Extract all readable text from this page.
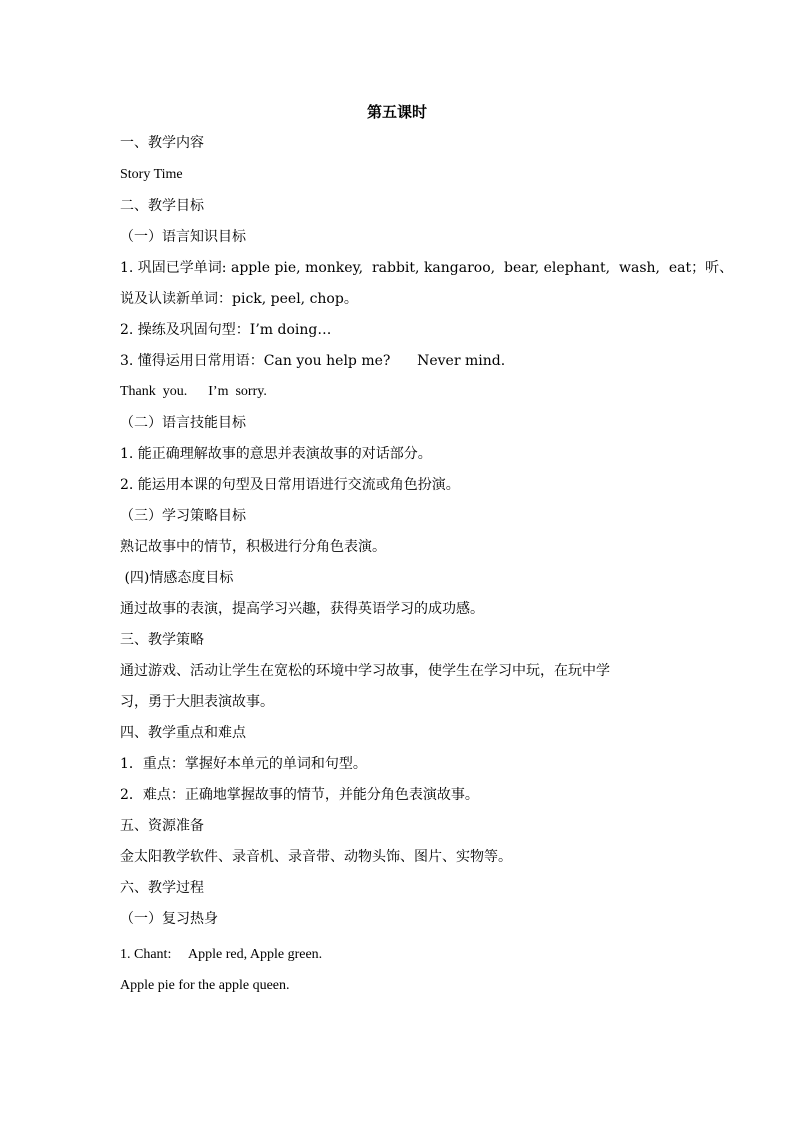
第五课时
一、教学内容
Story Time
二、教学目标
（一）语言知识目标
1. 巩固已学单词: apple pie, monkey,  rabbit, kangaroo,  bear, elephant,  wash,  eat；听、
说及认读新单词：pick, peel, chop。
2. 操练及巩固句型：I’m doing…
3. 懂得运用日常用语：Can you help me?      Never mind.
Thank  you.      I’m  sorry.
（二）语言技能目标
1. 能正确理解故事的意思并表演故事的对话部分。
2. 能运用本课的句型及日常用语进行交流或角色扮演。
（三）学习策略目标
熟记故事中的情节，积极进行分角色表演。
(四)情感态度目标
通过故事的表演，提高学习兴趣，获得英语学习的成功感。
三、教学策略
通过游戏、活动让学生在宽松的环境中学习故事，使学生在学习中玩，在玩中学
习，勇于大胆表演故事。
四、教学重点和难点
1．重点：掌握好本单元的单词和句型。
2．难点：正确地掌握故事的情节，并能分角色表演故事。
五、资源准备
金太阳教学软件、录音机、录音带、动物头饰、图片、实物等。
六、教学过程
（一）复习热身
1. Chant:     Apple red, Apple green.
Apple pie for the apple queen.
